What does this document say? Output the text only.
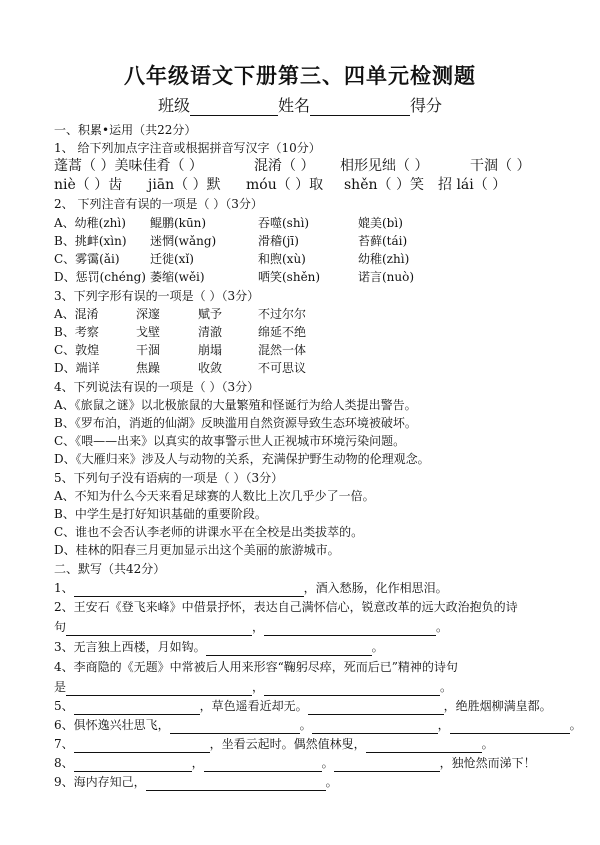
八年级语文下册第三、四单元检测题
班级	姓名	得分
一、积累•运用（共22分）
1、 给下列加点字注音或根据拼音写汉字（10分）
蓬蒿（ ）美味佳肴（ ）	混淆（ ） 相形见绌（ ）	干涸（ ）
niè（ ）齿 jiān（ ）默 móu（ ）取 shěn（ ）笑 招 lái（ ）
2、 下列注音有误的一项是（ ）（3分）
A、幼稚(zhì) 鲲鹏(kūn)	吞噬(shì)	媲美(bì)
B、挑衅(xìn) 迷惘(wǎng)	滑稽(jī)	苔藓(tái)
C、雾霭(ǎi)	迁徙(xǐ)	和煦(xù)	幼稚(zhì)
D、惩罚(chéng) 萎缩(wěi)	哂笑(shěn)	诺言(nuò)
3、下列字形有误的一项是（ ）（3分）
A、混淆	深邃	赋予	不过尔尔
B、考察	戈壁	清澈	绵延不绝
C、敦煌	干涸	崩塌	混然一体
D、端详	焦躁	收敛	不可思议
4、下列说法有误的一项是（ ）（3分）
A、《旅鼠之谜》以北极旅鼠的大量繁殖和怪诞行为给人类提出警告。
B、《罗布泊，消逝的仙湖》反映滥用自然资源导致生态环境被破坏。
C、《喂——出来》以真实的故事警示世人正视城市环境污染问题。
D、《大雁归来》涉及人与动物的关系，充满保护野生动物的伦理观念。
5、下列句子没有语病的一项是（ ）（3分）
A、不知为什么今天来看足球赛的人数比上次几乎少了一倍。
B、中学生是打好知识基础的重要阶段。
C、谁也不会否认李老师的讲课水平在全校是出类拔萃的。
D、桂林的阳春三月更加显示出这个美丽的旅游城市。
二、默写（共42分）
1、	，酒入愁肠，化作相思泪。
2、王安石《登飞来峰》中借景抒怀，表达自己满怀信心，锐意改革的远大政治抱负的诗
句	，	。
3、无言独上西楼，月如钩。	。
4、李商隐的《无题》中常被后人用来形容“鞠躬尽瘁，死而后已”精神的诗句
是	，	。
5、	，草色遥看近却无。	，绝胜烟柳满皇都。
6、俱怀逸兴壮思飞，	。	，	。
7、	，坐看云起时。偶然值林叟，	。
8、	，	。	，独怆然而涕下！
9、海内存知己，	。
